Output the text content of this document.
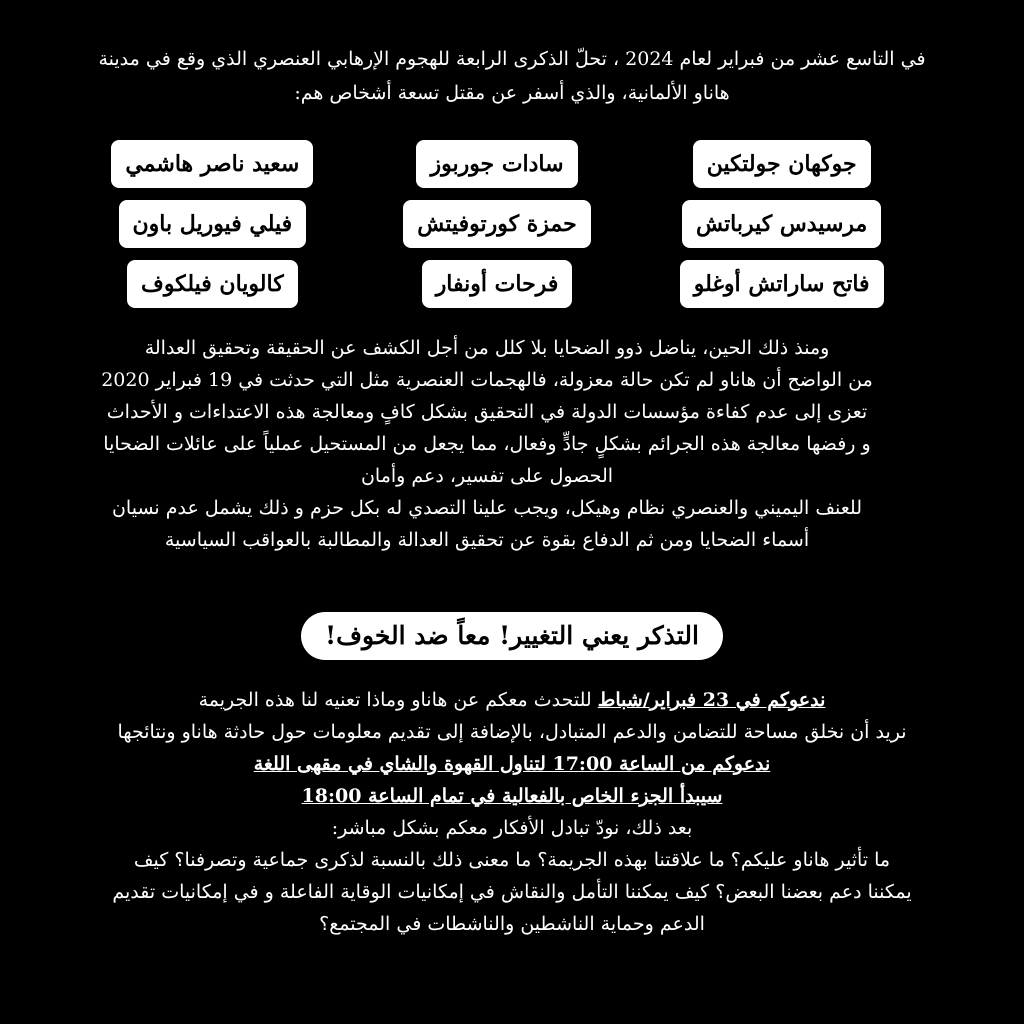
في التاسع عشر من فبراير لعام 2024 ، تحلّ الذكرى الرابعة للهجوم الإرهابي العنصري الذي وقع في مدينة
هاناو الألمانية، والذي أسفر عن مقتل تسعة أشخاص هم:
جوكهان جولتكين
سادات جوربوز
سعيد ناصر هاشمي
مرسيدس كيرباتش
حمزة كورتوفيتش
فيلي فيوريل باون
فاتح ساراتش أوغلو
فرحات أونفار
كالويان فيلكوف
ومنذ ذلك الحين، يناضل ذوو الضحايا بلا كلل من أجل الكشف عن الحقيقة وتحقيق العدالة
من الواضح أن هاناو لم تكن حالة معزولة، فالهجمات العنصرية مثل التي حدثت في 19 فبراير 2020
تعزى إلى عدم كفاءة مؤسسات الدولة في التحقيق بشكل كافٍ ومعالجة هذه الاعتداءات و الأحداث
و رفضها معالجة هذه الجرائم بشكلٍ جادٍّ وفعال، مما يجعل من المستحيل عملياً على عائلات الضحايا
الحصول على تفسير، دعم وأمان
للعنف اليميني والعنصري نظام وهيكل، ويجب علينا التصدي له بكل حزم و ذلك يشمل عدم نسيان
أسماء الضحايا ومن ثم الدفاع بقوة عن تحقيق العدالة والمطالبة بالعواقب السياسية
التذكر يعني التغيير! معاً ضد الخوف!

ندعوكم في 23 فبراير/شباط للتحدث معكم عن هاناو وماذا تعنيه لنا هذه الجريمة

نريد أن نخلق مساحة للتضامن والدعم المتبادل، بالإضافة إلى تقديم معلومات حول حادثة هاناو ونتائجها

ندعوكم من الساعة 17:00 لتناول القهوة والشاي في مقهى اللغة

سيبدأ الجزء الخاص بالفعالية في تمام الساعة 18:00

بعد ذلك، نودّ تبادل الأفكار معكم بشكل مباشر:

ما تأثير هاناو عليكم؟ ما علاقتنا بهذه الجريمة؟ ما معنى ذلك بالنسبة لذكرى جماعية وتصرفنا؟ كيف

يمكننا دعم بعضنا البعض؟ كيف يمكننا التأمل والنقاش في إمكانيات الوقاية الفاعلة و في إمكانيات تقديم

الدعم وحماية الناشطين والناشطات في المجتمع؟
